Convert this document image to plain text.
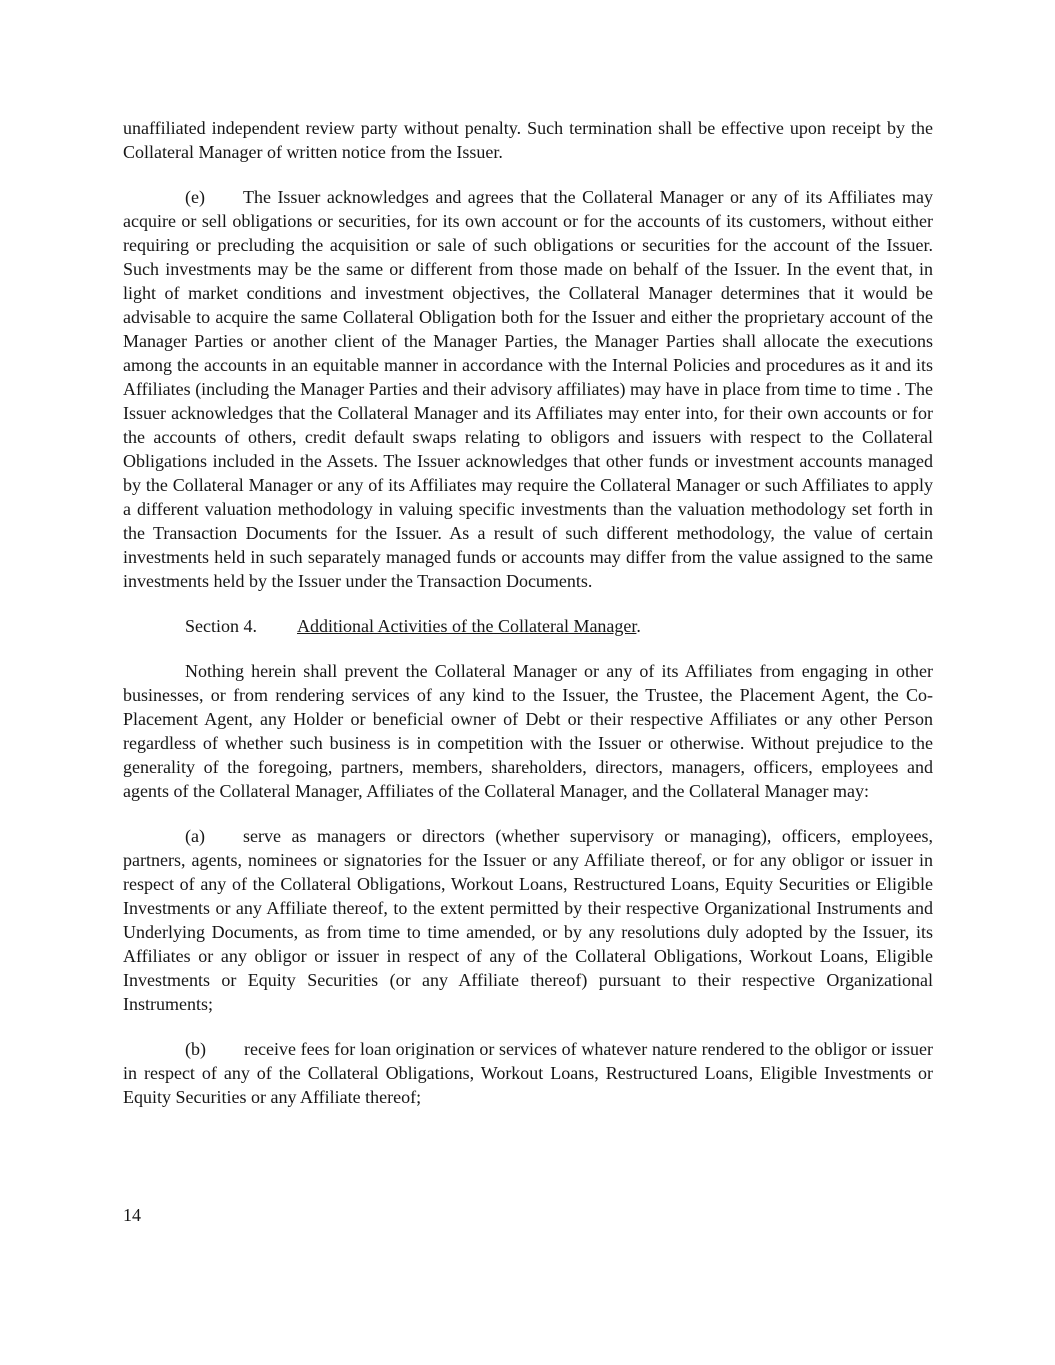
unaffiliated independent review party without penalty. Such termination shall be effective upon receipt by the Collateral Manager of written notice from the Issuer.

(e) The Issuer acknowledges and agrees that the Collateral Manager or any of its Affiliates may acquire or sell obligations or securities, for its own account or for the accounts of its customers, without either requiring or precluding the acquisition or sale of such obligations or securities for the account of the Issuer. Such investments may be the same or different from those made on behalf of the Issuer. In the event that, in light of market conditions and investment objectives, the Collateral Manager determines that it would be advisable to acquire the same Collateral Obligation both for the Issuer and either the proprietary account of the Manager Parties or another client of the Manager Parties, the Manager Parties shall allocate the executions among the accounts in an equitable manner in accordance with the Internal Policies and procedures as it and its Affiliates (including the Manager Parties and their advisory affiliates) may have in place from time to time . The Issuer acknowledges that the Collateral Manager and its Affiliates may enter into, for their own accounts or for the accounts of others, credit default swaps relating to obligors and issuers with respect to the Collateral Obligations included in the Assets. The Issuer acknowledges that other funds or investment accounts managed by the Collateral Manager or any of its Affiliates may require the Collateral Manager or such Affiliates to apply a different valuation methodology in valuing specific investments than the valuation methodology set forth in the Transaction Documents for the Issuer. As a result of such different methodology, the value of certain investments held in such separately managed funds or accounts may differ from the value assigned to the same investments held by the Issuer under the Transaction Documents.

Section 4. Additional Activities of the Collateral Manager.

Nothing herein shall prevent the Collateral Manager or any of its Affiliates from engaging in other businesses, or from rendering services of any kind to the Issuer, the Trustee, the Placement Agent, the Co-Placement Agent, any Holder or beneficial owner of Debt or their respective Affiliates or any other Person regardless of whether such business is in competition with the Issuer or otherwise. Without prejudice to the generality of the foregoing, partners, members, shareholders, directors, managers, officers, employees and agents of the Collateral Manager, Affiliates of the Collateral Manager, and the Collateral Manager may:

(a) serve as managers or directors (whether supervisory or managing), officers, employees, partners, agents, nominees or signatories for the Issuer or any Affiliate thereof, or for any obligor or issuer in respect of any of the Collateral Obligations, Workout Loans, Restructured Loans, Equity Securities or Eligible Investments or any Affiliate thereof, to the extent permitted by their respective Organizational Instruments and Underlying Documents, as from time to time amended, or by any resolutions duly adopted by the Issuer, its Affiliates or any obligor or issuer in respect of any of the Collateral Obligations, Workout Loans, Eligible Investments or Equity Securities (or any Affiliate thereof) pursuant to their respective Organizational Instruments;

(b) receive fees for loan origination or services of whatever nature rendered to the obligor or issuer in respect of any of the Collateral Obligations, Workout Loans, Restructured Loans, Eligible Investments or Equity Securities or any Affiliate thereof;

14
